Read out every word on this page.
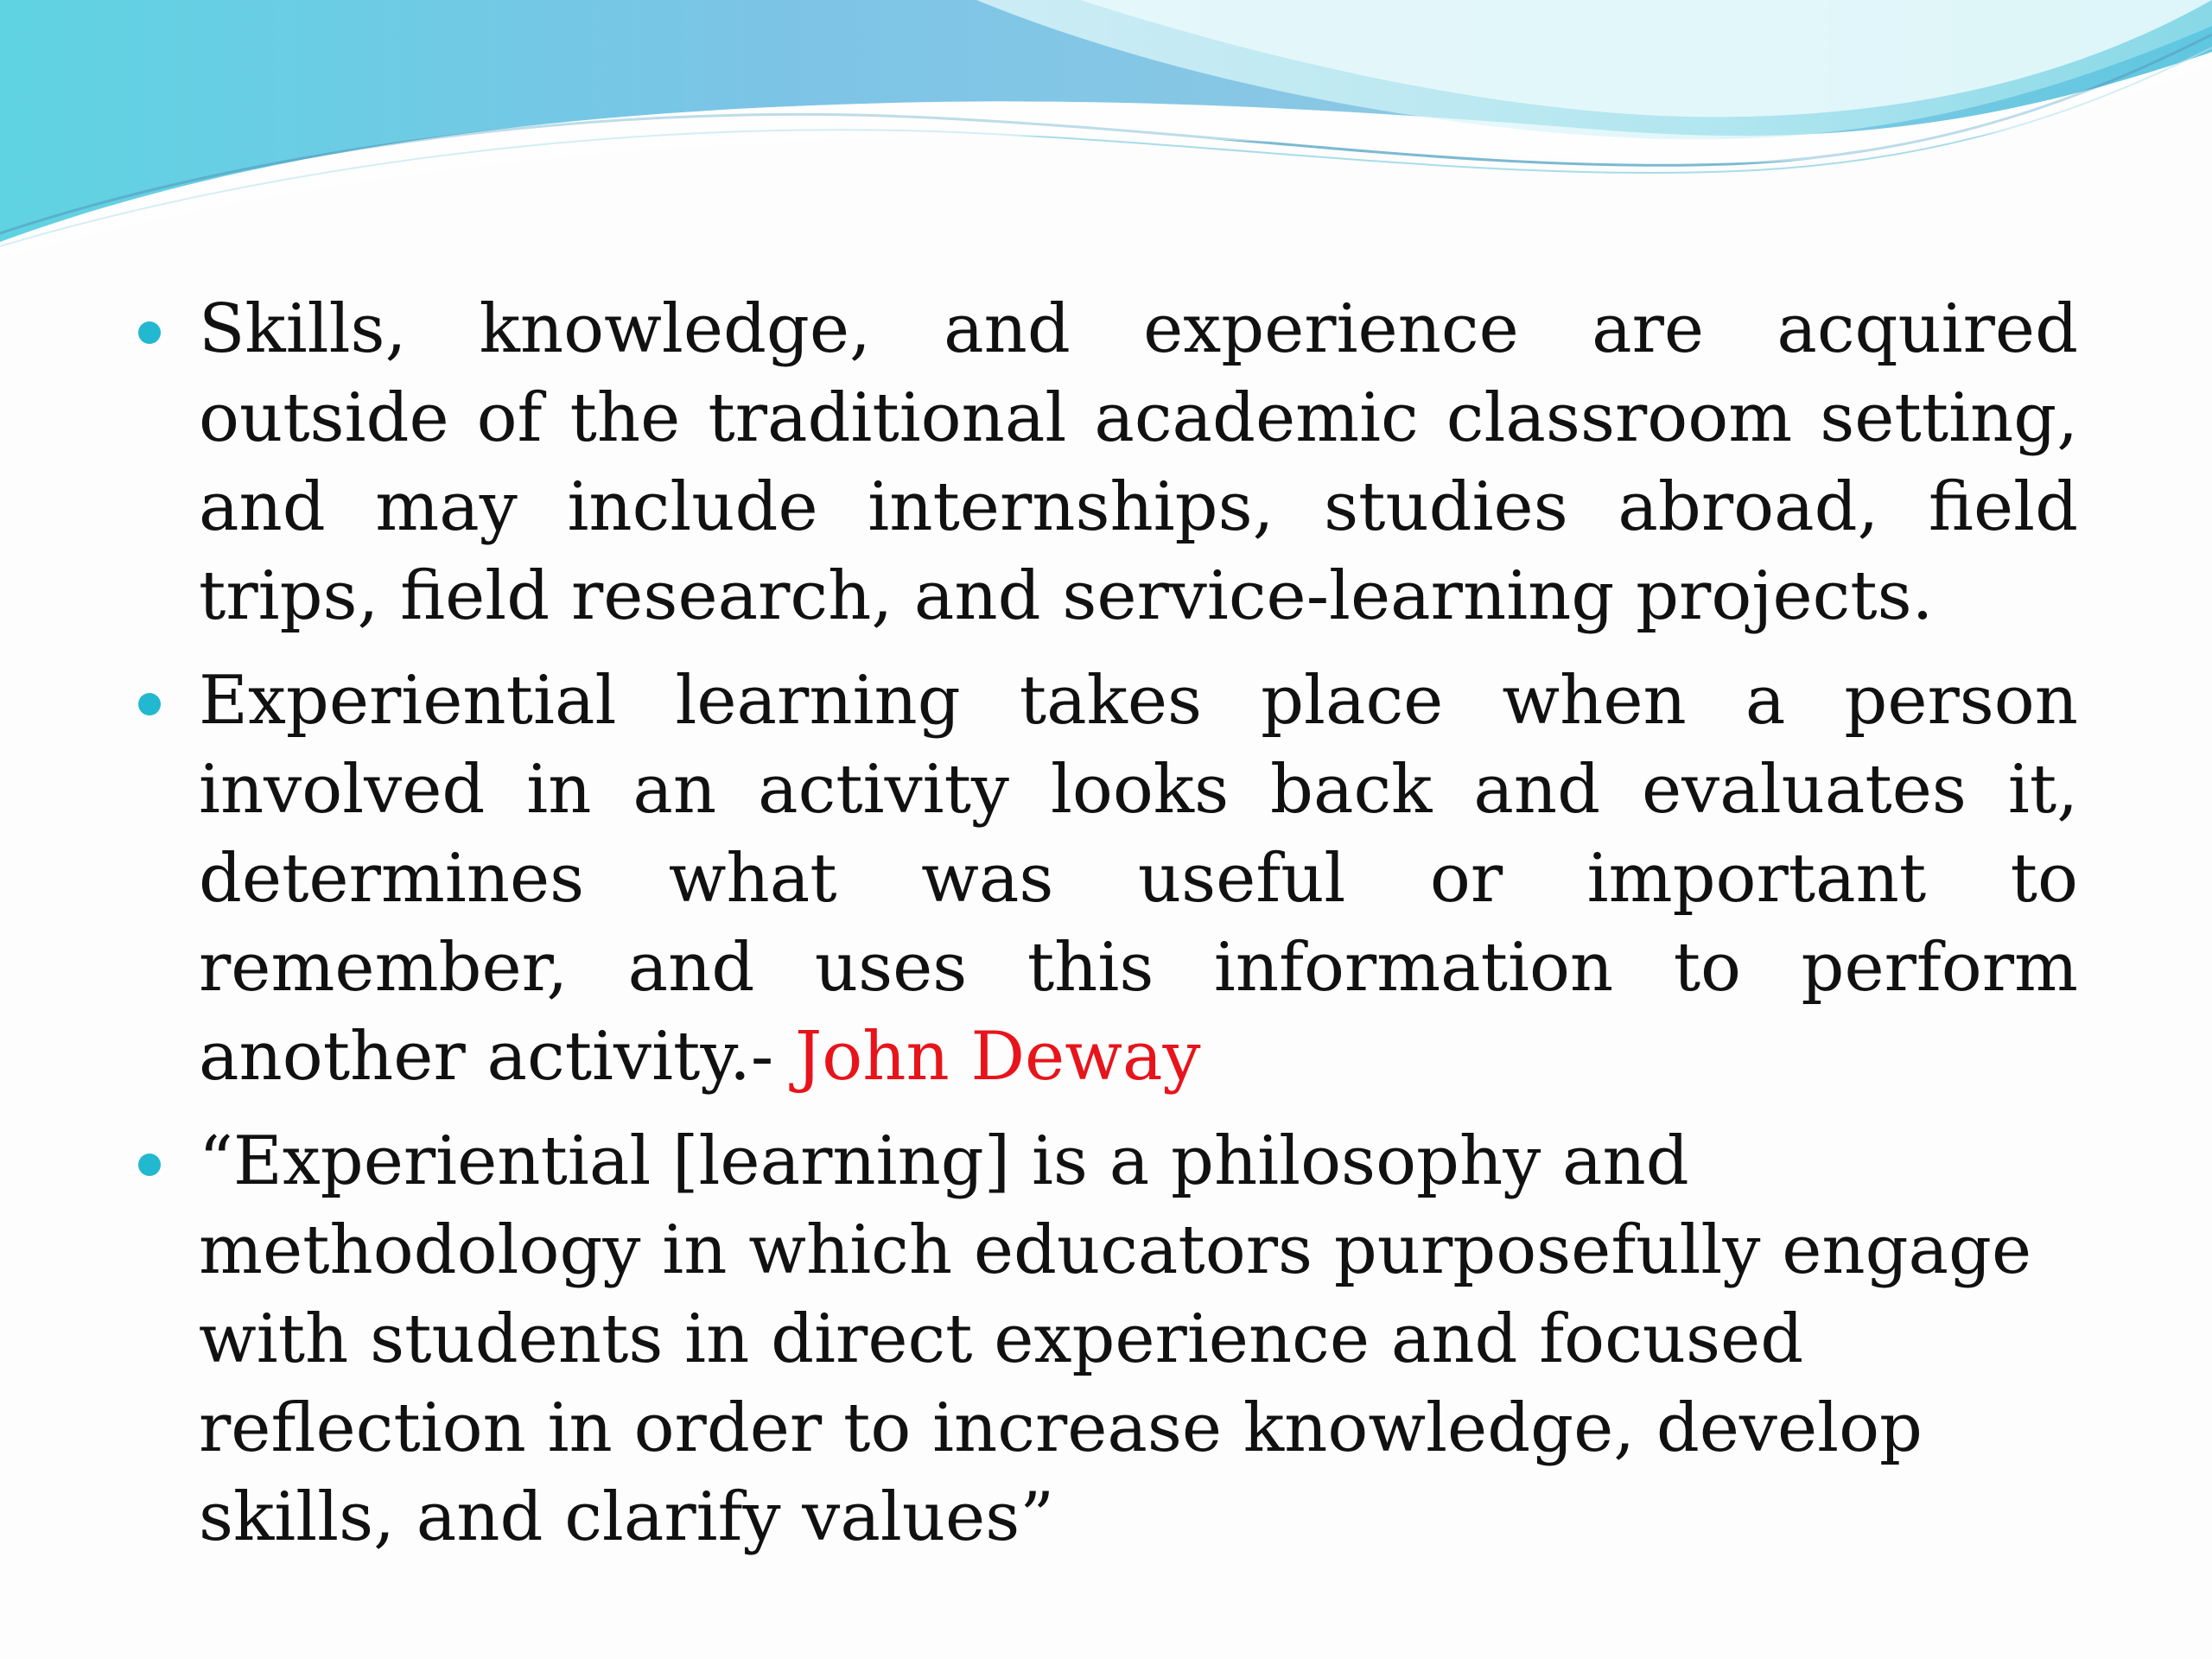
Skills, knowledge, and experience are acquired outside of the traditional academic classroom setting, and may include internships, studies abroad, field trips, field research, and service-learning projects.
Experiential learning takes place when a person involved in an activity looks back and evaluates it, determines what was useful or important to remember, and uses this information to perform another activity.- John Deway
“Experiential [learning] is a philosophy and methodology in which educators purposefully engage with students in direct experience and focused reflection in order to increase knowledge, develop skills, and clarify values”
